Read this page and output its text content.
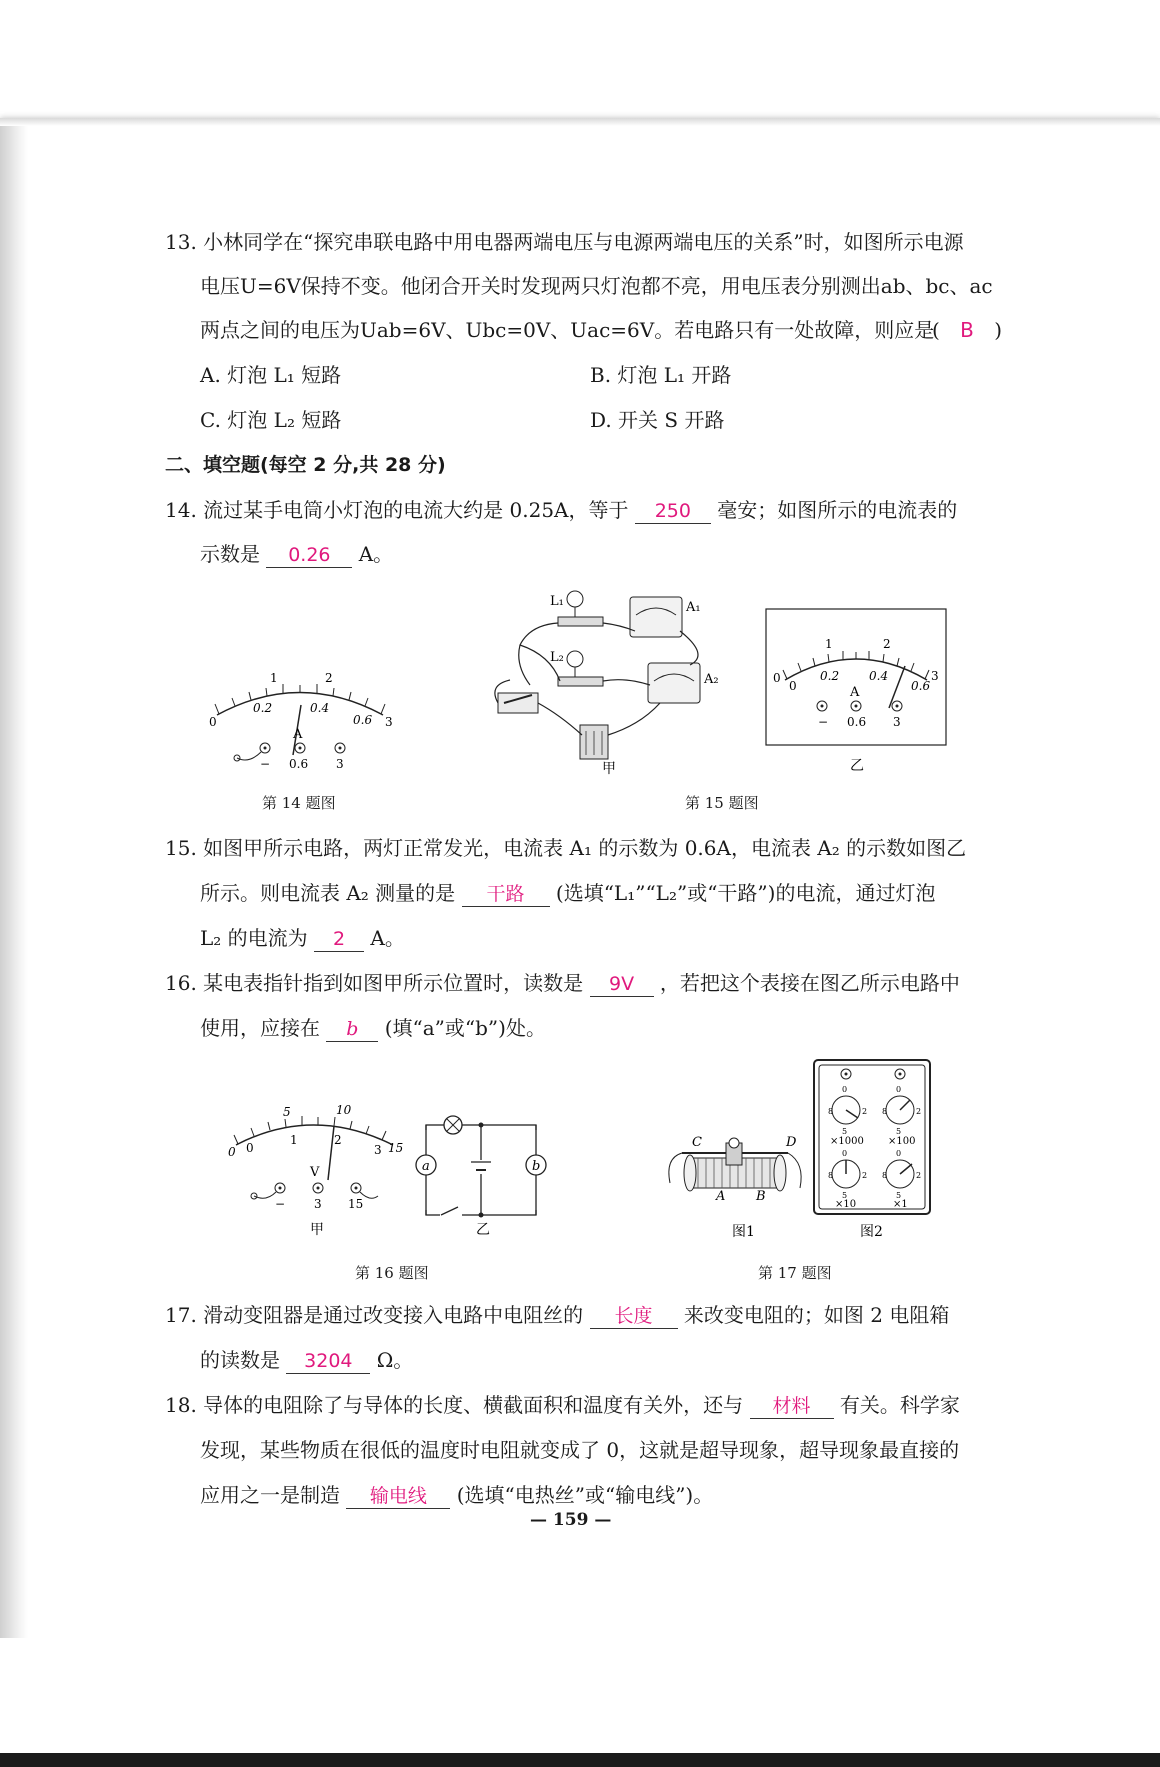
13. 小林同学在“探究串联电路中用电器两端电压与电源两端电压的关系”时，如图所示电源
电压U=6V保持不变。他闭合开关时发现两只灯泡都不亮，用电压表分别测出ab、bc、ac
两点之间的电压为Uab=6V、Ubc=0V、Uac=6V。若电路只有一处故障，则应是
( B )
A. 灯泡 L₁ 短路	B. 灯泡 L₁ 开路
C. 灯泡 L₂ 短路	D. 开关 S 开路
二、填空题(每空 2 分,共 28 分)
14. 流过某手电筒小灯泡的电流大约是 0.25A，等于 250 毫安；如图所示的电流表的
示数是 0.26 A。
0	3
1	2
0.2	0.4
0.6
A
− 0.6 3
第 14 题图
L₁	A₁
L₂
A₂
甲
0	3
1	2
0
0.2 0.4
0.6
A
− 0.6 3
乙
第 15 题图
15. 如图甲所示电路，两灯正常发光，电流表 A₁ 的示数为 0.6A，电流表 A₂ 的示数如图乙
所示。则电流表 A₂ 测量的是 干路 (选填“L₁”“L₂”或“干路”)的电流，通过灯泡
L₂ 的电流为 2 A。
16. 某电表指针指到如图甲所示位置时，读数是 9V ，若把这个表接在图乙所示电路中
使用，应接在 b (填“a”或“b”)处。
0	15
5	10
0
1	2
3
V
− 3 15
甲
a	b
乙
第 16 题图
C	D
A B
图1
0
8	2
5
0
8	2
5
0
8	2
5
0
8	2
5
×1000 ×100
×10	×1
图2
第 17 题图
17. 滑动变阻器是通过改变接入电路中电阻丝的 长度 来改变电阻的；如图 2 电阻箱
的读数是 3204 Ω。
18. 导体的电阻除了与导体的长度、横截面积和温度有关外，还与 材料 有关。科学家
发现，某些物质在很低的温度时电阻就变成了 0，这就是超导现象，超导现象最直接的
应用之一是制造 输电线 (选填“电热丝”或“输电线”)。
— 159 —
